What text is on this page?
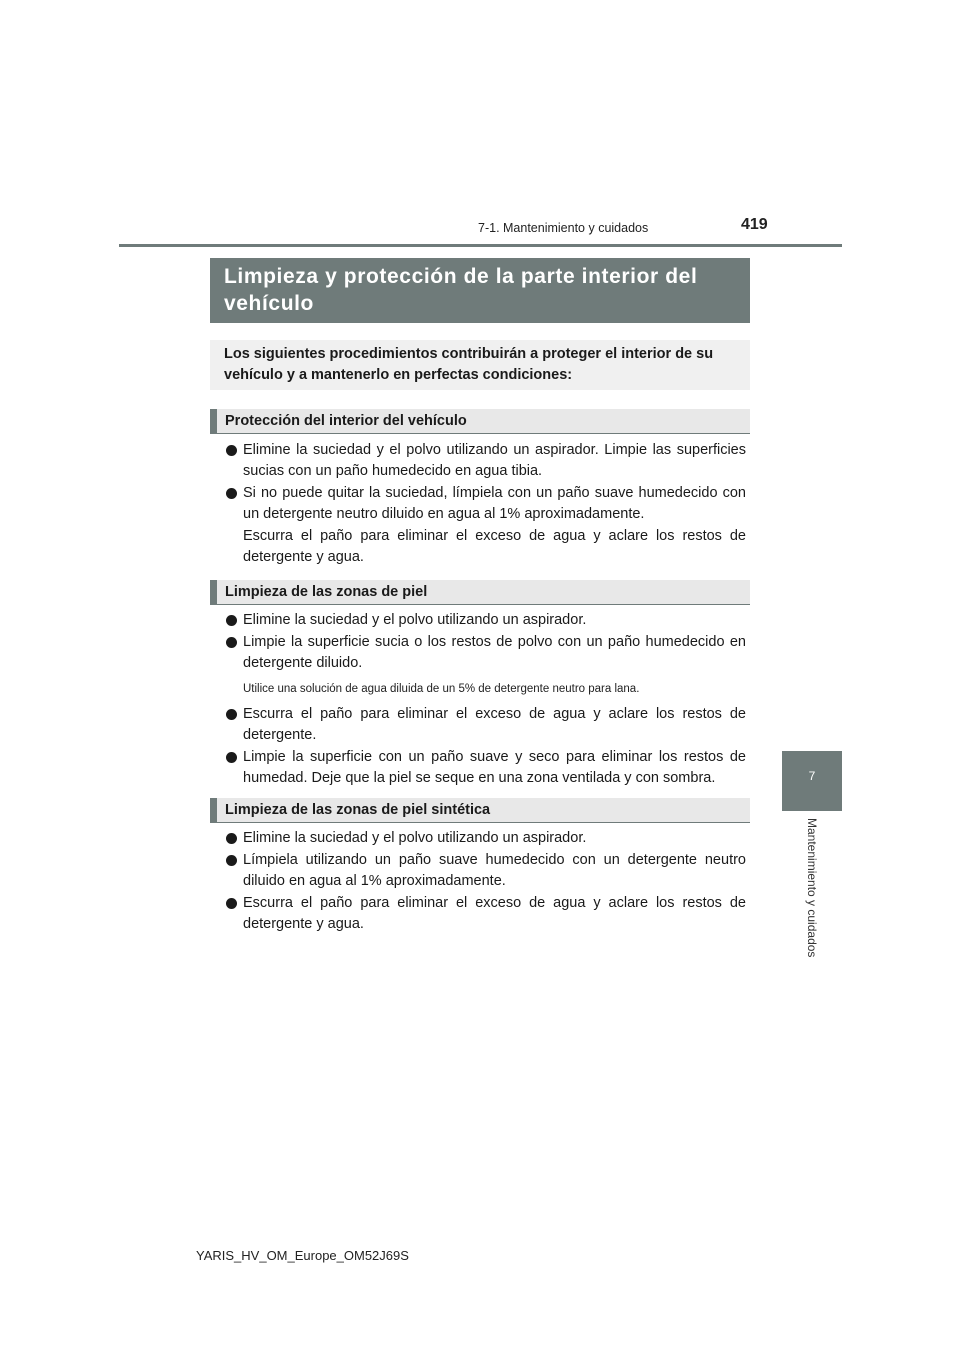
7-1. Mantenimiento y cuidados	419
7
Mantenimiento y cuidados
Limpieza y protección de la parte interior del vehículo
Los siguientes procedimientos contribuirán a proteger el interior de su vehículo y a mantenerlo en perfectas condiciones:
Protección del interior del vehículo
Elimine la suciedad y el polvo utilizando un aspirador. Limpie las superficies sucias con un paño humedecido en agua tibia.
Si no puede quitar la suciedad, límpiela con un paño suave humedecido con un detergente neutro diluido en agua al 1% aproximadamente.
Escurra el paño para eliminar el exceso de agua y aclare los restos de detergente y agua.
Limpieza de las zonas de piel
Elimine la suciedad y el polvo utilizando un aspirador.
Limpie la superficie sucia o los restos de polvo con un paño humedecido en detergente diluido.
Utilice una solución de agua diluida de un 5% de detergente neutro para lana.
Escurra el paño para eliminar el exceso de agua y aclare los restos de detergente.
Limpie la superficie con un paño suave y seco para eliminar los restos de humedad. Deje que la piel se seque en una zona ventilada y con sombra.
Limpieza de las zonas de piel sintética
Elimine la suciedad y el polvo utilizando un aspirador.
Límpiela utilizando un paño suave humedecido con un detergente neutro diluido en agua al 1% aproximadamente.
Escurra el paño para eliminar el exceso de agua y aclare los restos de detergente y agua.
YARIS_HV_OM_Europe_OM52J69S
